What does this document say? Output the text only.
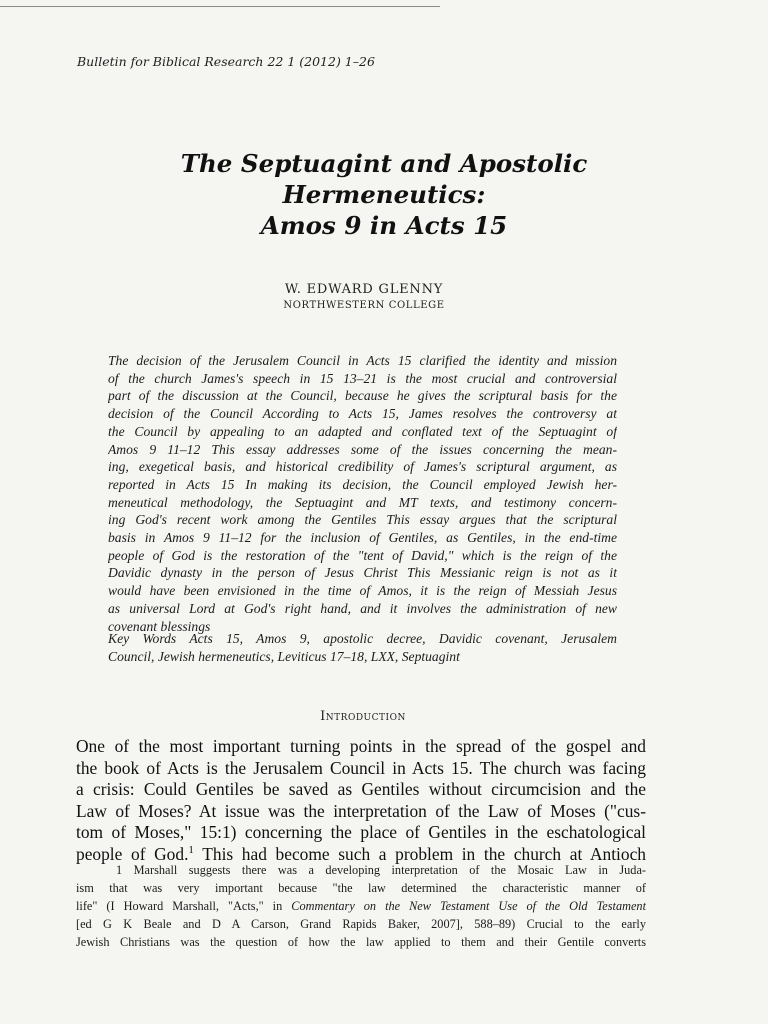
Bulletin for Biblical Research 22 1 (2012) 1–26
The Septuagint and Apostolic
Hermeneutics:
Amos 9 in Acts 15
W. EDWARD GLENNY
NORTHWESTERN COLLEGE
The decision of the Jerusalem Council in Acts 15 clarified the identity and mission
of the church James's speech in 15 13–21 is the most crucial and controversial
part of the discussion at the Council, because he gives the scriptural basis for the
decision of the Council According to Acts 15, James resolves the controversy at
the Council by appealing to an adapted and conflated text of the Septuagint of
Amos 9 11–12 This essay addresses some of the issues concerning the mean-
ing, exegetical basis, and historical credibility of James's scriptural argument, as
reported in Acts 15 In making its decision, the Council employed Jewish her-
meneutical methodology, the Septuagint and MT texts, and testimony concern-
ing God's recent work among the Gentiles This essay argues that the scriptural
basis in Amos 9 11–12 for the inclusion of Gentiles, as Gentiles, in the end-time
people of God is the restoration of the "tent of David," which is the reign of the
Davidic dynasty in the person of Jesus Christ This Messianic reign is not as it
would have been envisioned in the time of Amos, it is the reign of Messiah Jesus
as universal Lord at God's right hand, and it involves the administration of new
covenant blessings
Key Words Acts 15, Amos 9, apostolic decree, Davidic covenant, Jerusalem
Council, Jewish hermeneutics, Leviticus 17–18, LXX, Septuagint
Introduction
One of the most important turning points in the spread of the gospel and
the book of Acts is the Jerusalem Council in Acts 15. The church was facing
a crisis: Could Gentiles be saved as Gentiles without circumcision and the
Law of Moses? At issue was the interpretation of the Law of Moses ("cus-
tom of Moses," 15:1) concerning the place of Gentiles in the eschatological
people of God.$^1$ This had become such a problem in the church at Antioch
1 Marshall suggests there was a developing interpretation of the Mosaic Law in Juda-
ism that was very important because "the law determined the characteristic manner of
life" (I Howard Marshall, "Acts," in Commentary on the New Testament Use of the Old Testament
[ed G K Beale and D A Carson, Grand Rapids Baker, 2007], 588–89) Crucial to the early
Jewish Christians was the question of how the law applied to them and their Gentile converts
